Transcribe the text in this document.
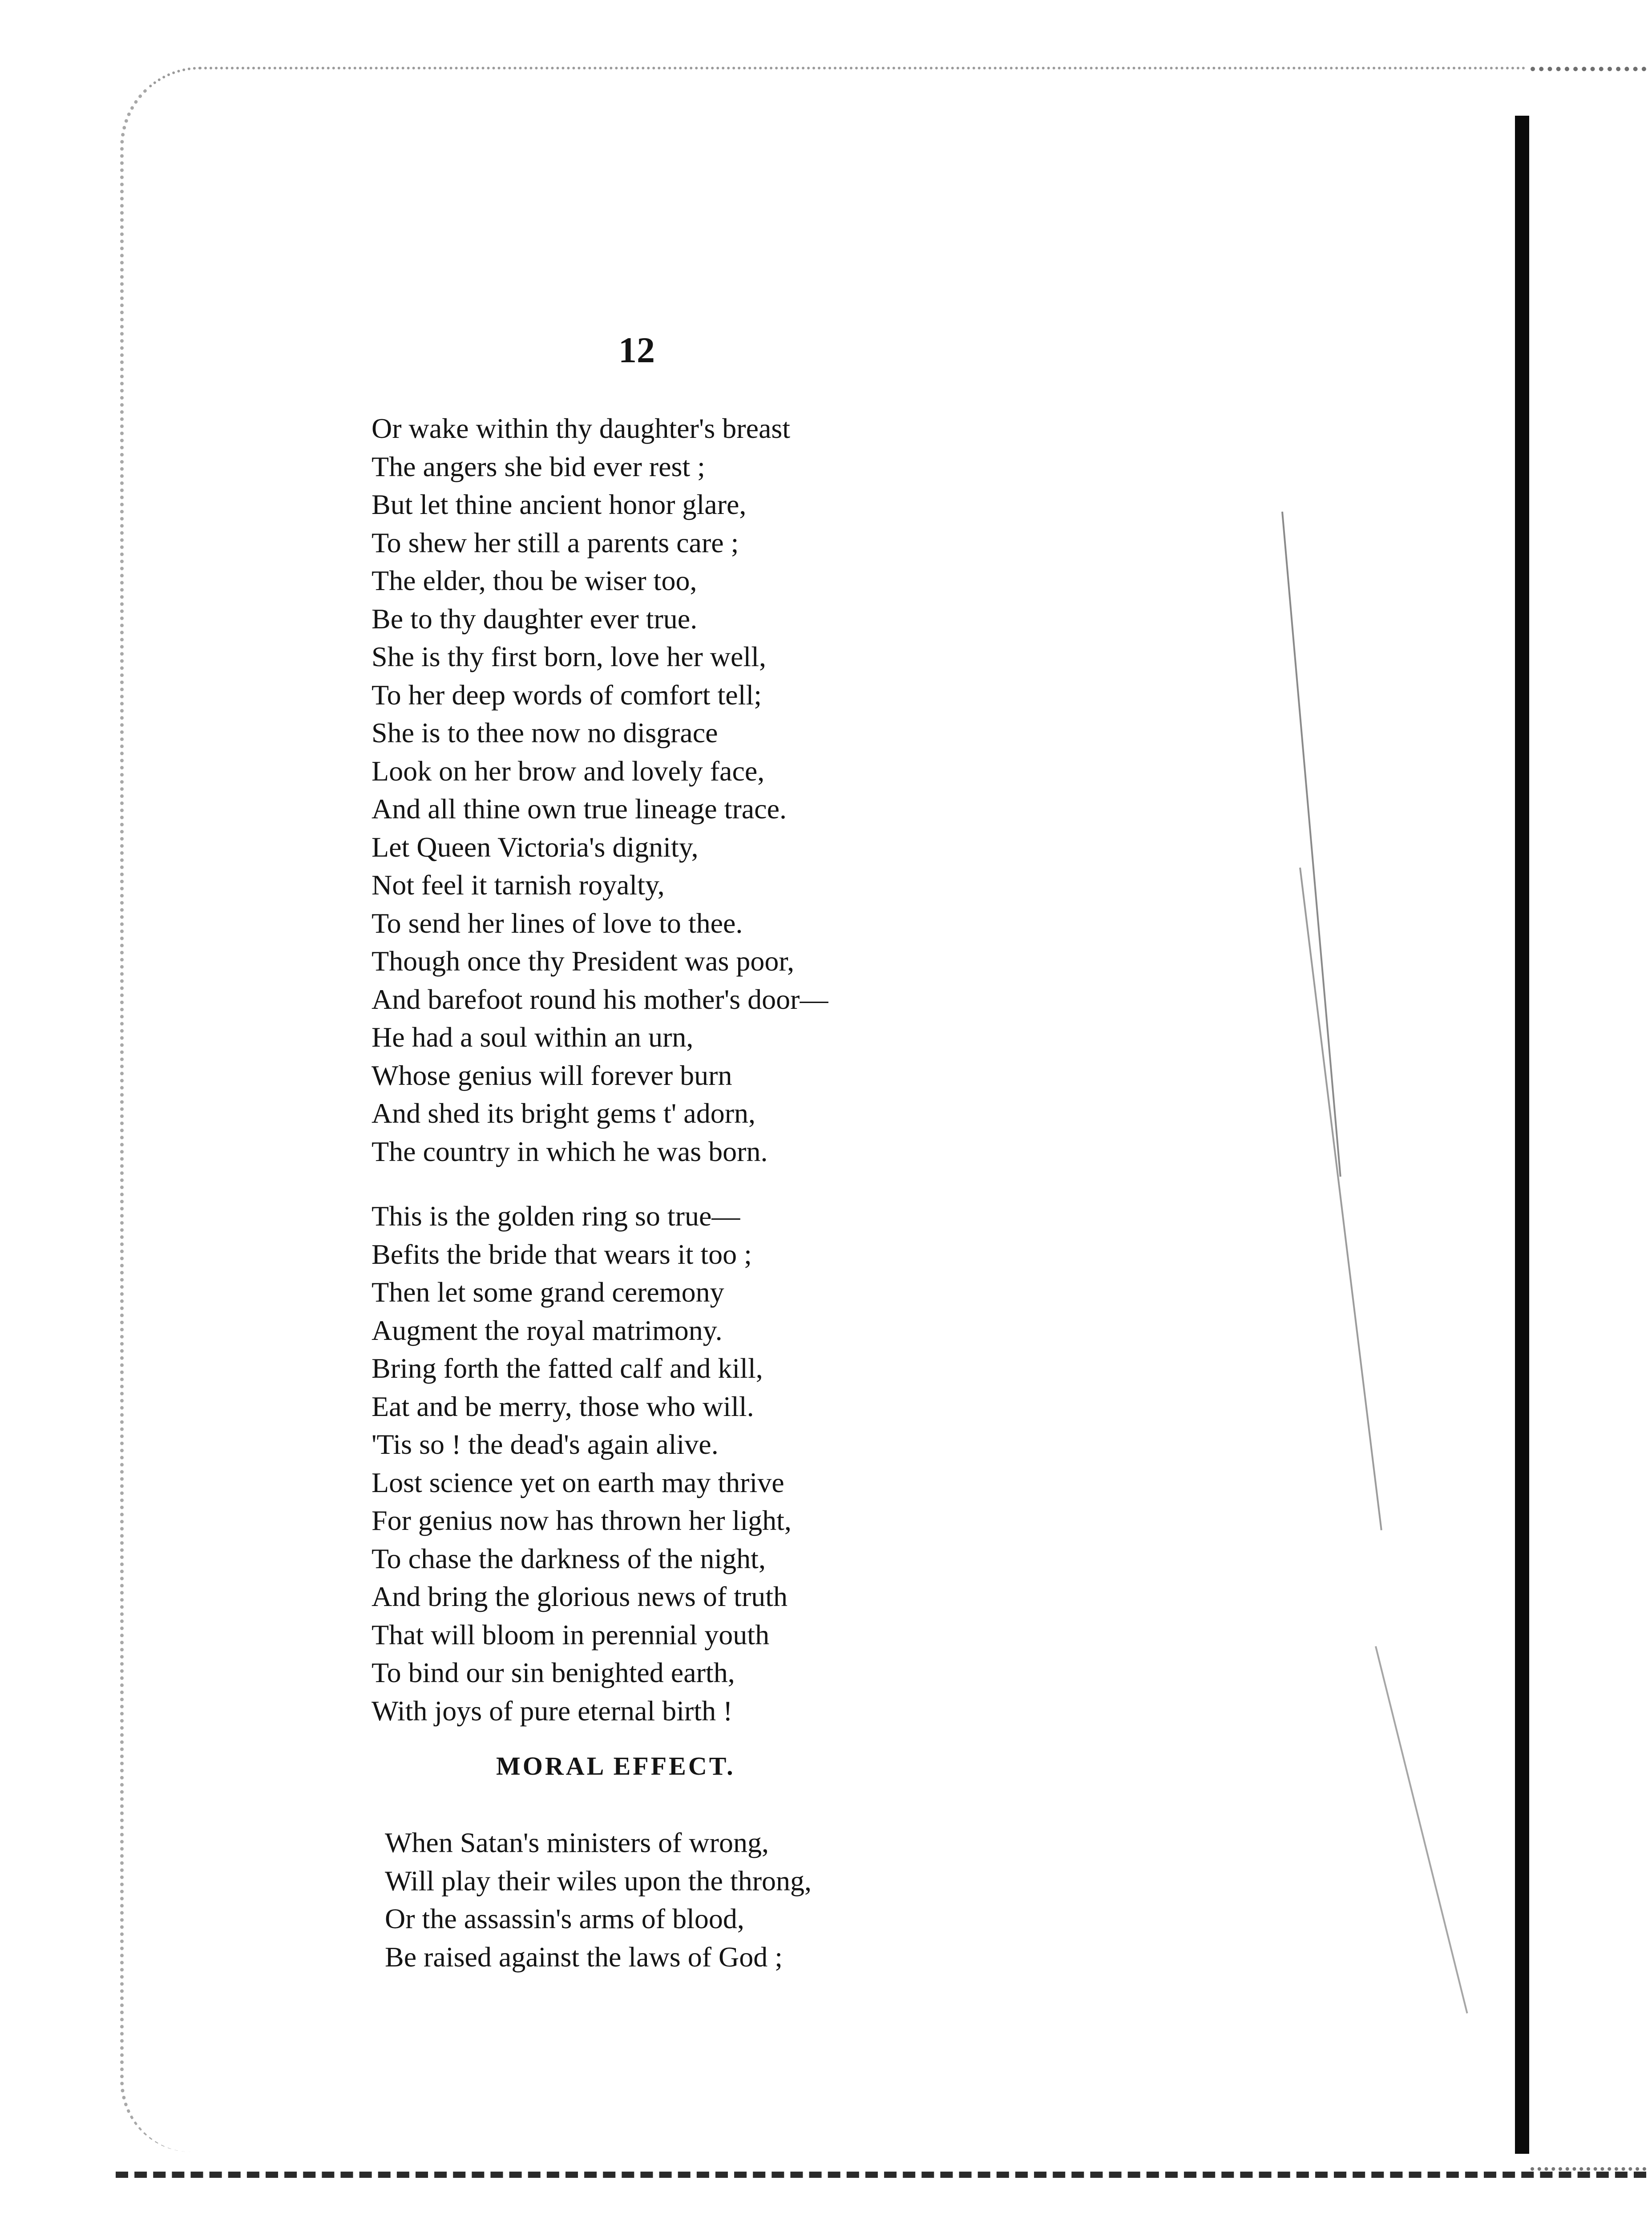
12
Or wake within thy daughter's breast
The angers she bid ever rest ;
But let thine ancient honor glare,
To shew her still a parents care ;
The elder, thou be wiser too,
Be to thy daughter ever true.
She is thy first born, love her well,
To her deep words of comfort tell;
She is to thee now no disgrace
Look on her brow and lovely face,
And all thine own true lineage trace.
Let Queen Victoria's dignity,
Not feel it tarnish royalty,
To send her lines of love to thee.
Though once thy President was poor,
And barefoot round his mother's door—
He had a soul within an urn,
Whose genius will forever burn
And shed its bright gems t' adorn,
The country in which he was born.
This is the golden ring so true—
Befits the bride that wears it too ;
Then let some grand ceremony
Augment the royal matrimony.
Bring forth the fatted calf and kill,
Eat and be merry, those who will.
'Tis so ! the dead's again alive.
Lost science yet on earth may thrive
For genius now has thrown her light,
To chase the darkness of the night,
And bring the glorious news of truth
That will bloom in perennial youth
To bind our sin benighted earth,
With joys of pure eternal birth !
MORAL EFFECT.
When Satan's ministers of wrong,
Will play their wiles upon the throng,
Or the assassin's arms of blood,
Be raised against the laws of God ;
